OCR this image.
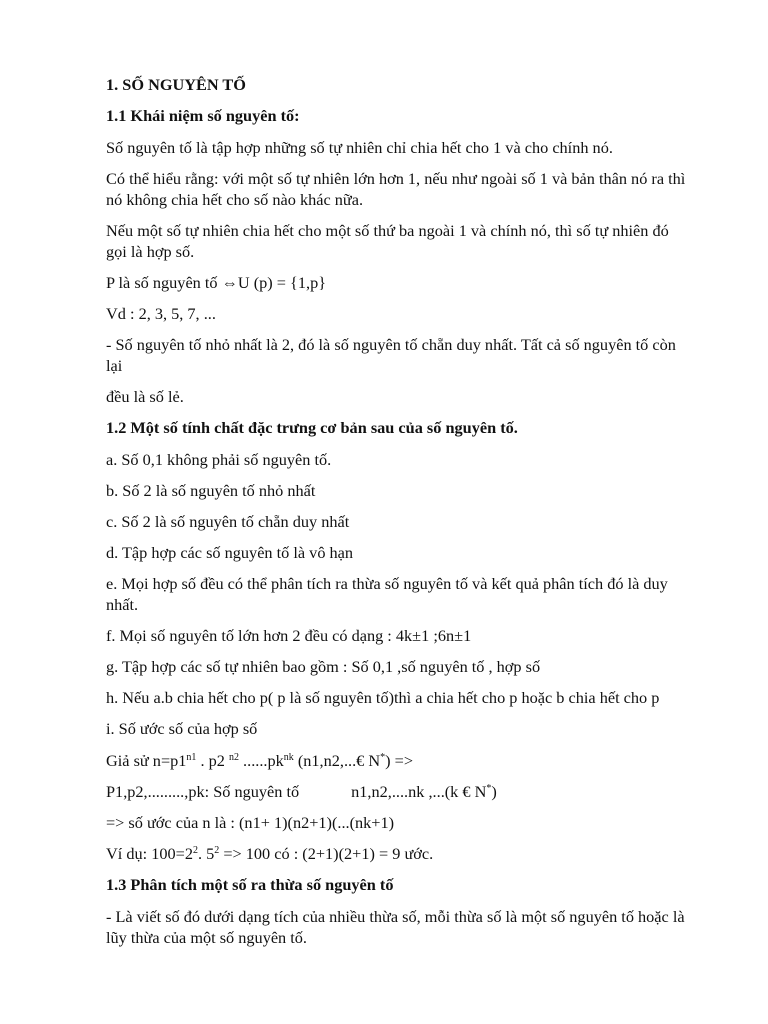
1. SỐ NGUYÊN TỐ

1.1 Khái niệm số nguyên tố:

Số nguyên tố là tập hợp những số tự nhiên chỉ chia hết cho 1 và cho chính nó.

Có thể hiểu rằng: với một số tự nhiên lớn hơn 1, nếu như ngoài số 1 và bản thân nó ra thì nó không chia hết cho số nào khác nữa.

Nếu một số tự nhiên chia hết cho một số thứ ba ngoài 1 và chính nó, thì số tự nhiên đó gọi là hợp số.

P là số nguyên tố ⇔U (p) = {1,p}

Vd : 2, 3, 5, 7, ...

- Số nguyên tố nhỏ nhất là 2, đó là số nguyên tố chẵn duy nhất. Tất cả số nguyên tố còn lại

đều là số lẻ.

1.2 Một số tính chất đặc trưng cơ bản sau của số nguyên tố.

a. Số 0,1 không phải số nguyên tố.

b. Số 2 là số nguyên tố nhỏ nhất

c. Số 2 là số nguyên tố chẵn duy nhất

d. Tập hợp các số nguyên tố là vô hạn

e. Mọi hợp số đều có thể phân tích ra thừa số nguyên tố và kết quả phân tích đó là duy nhất.

f. Mọi số nguyên tố lớn hơn 2 đều có dạng : 4k±1 ;6n±1

g. Tập hợp các số tự nhiên bao gồm : Số 0,1 ,số nguyên tố , hợp số

h. Nếu a.b chia hết cho p( p là số nguyên tố)thì a chia hết cho p hoặc b chia hết cho p

i. Số ước số của hợp số

Giả sử $n=p1^{n1}$ . p2 $^{n2}$ $......pk^{nk}$ (n1,n2,...€ N*) =>

P1,p2,.........,pk: Số nguyên tố	n1,n2,....nk ,...(k € N*)

=> số ước của n là : (n1+ 1)(n2+1)(...(nk+1)

Ví dụ: $100=2^2$. $5^2 => 100$ có : (2+1)(2+1) = 9 ước.

1.3 Phân tích một số ra thừa số nguyên tố

- Là viết số đó dưới dạng tích của nhiều thừa số, mỗi thừa số là một số nguyên tố hoặc là lũy thừa của một số nguyên tố.
